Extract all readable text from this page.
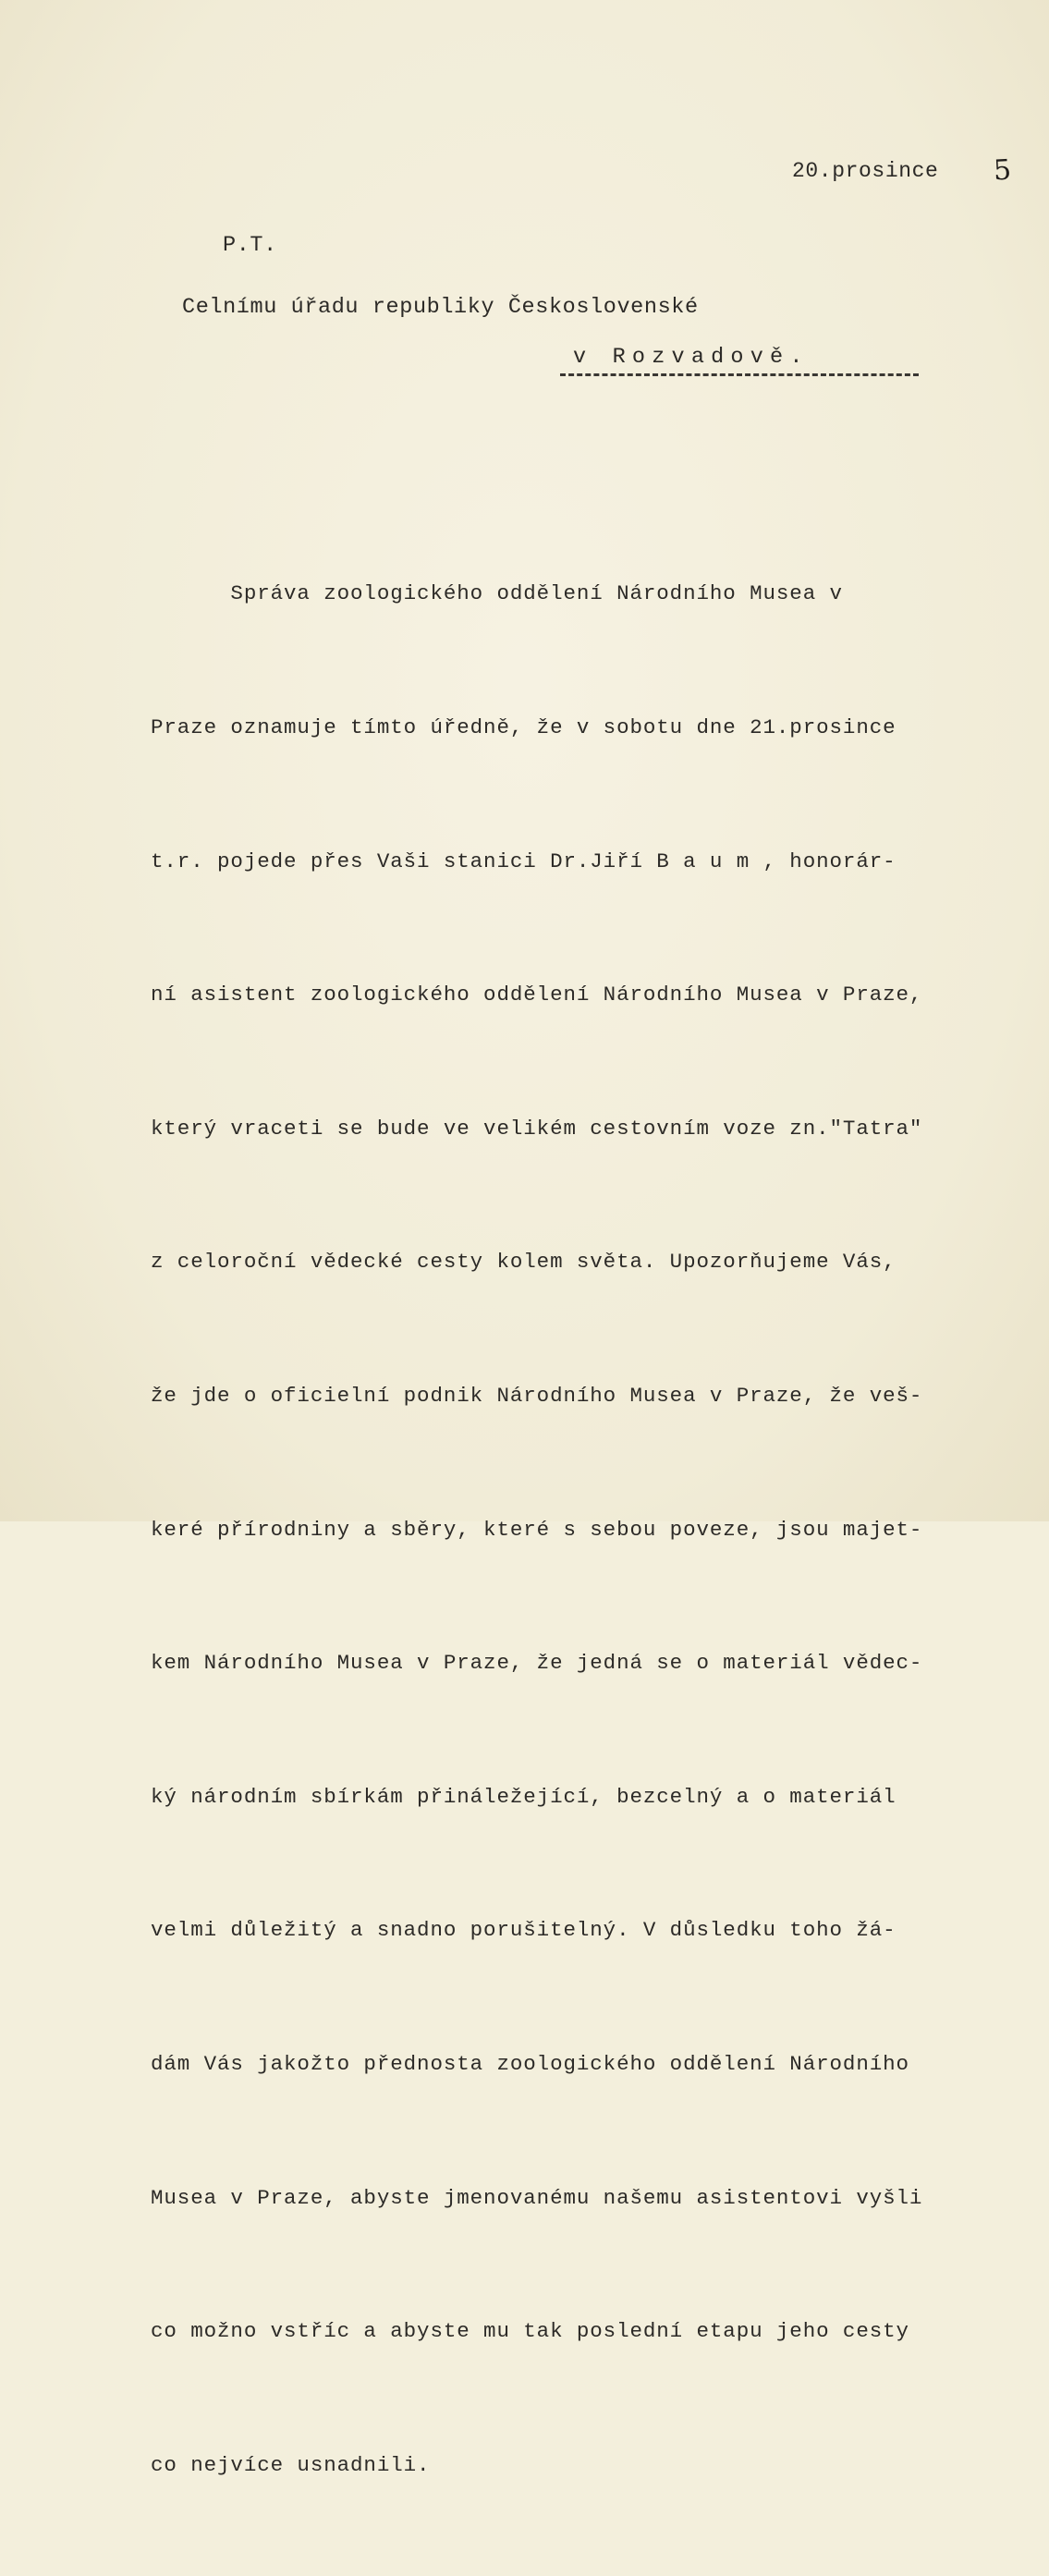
20.prosince 5
P.T.
Celnímu úřadu republiky Československé
v Rozvadově.

Správa zoologického oddělení Národního Musea v

Praze oznamuje tímto úředně, že v sobotu dne 21.prosince

t.r. pojede přes Vaši stanici Dr.Jiří B a u m , honorár-

ní asistent zoologického oddělení Národního Musea v Praze,

který vraceti se bude ve velikém cestovním voze zn."Tatra"

z celoroční vědecké cesty kolem světa. Upozorňujeme Vás,

že jde o oficielní podnik Národního Musea v Praze, že veš-

keré přírodniny a sběry, které s sebou poveze, jsou majet-

kem Národního Musea v Praze, že jedná se o materiál vědec-

ký národním sbírkám přináležející, bezcelný a o materiál

velmi důležitý a snadno porušitelný. V důsledku toho žá-

dám Vás jakožto přednosta zoologického oddělení Národního

Musea v Praze, abyste jmenovanému našemu asistentovi vyšli

co možno vstříc a abyste mu tak poslední etapu jeho cesty

co nejvíce usnadnili.
